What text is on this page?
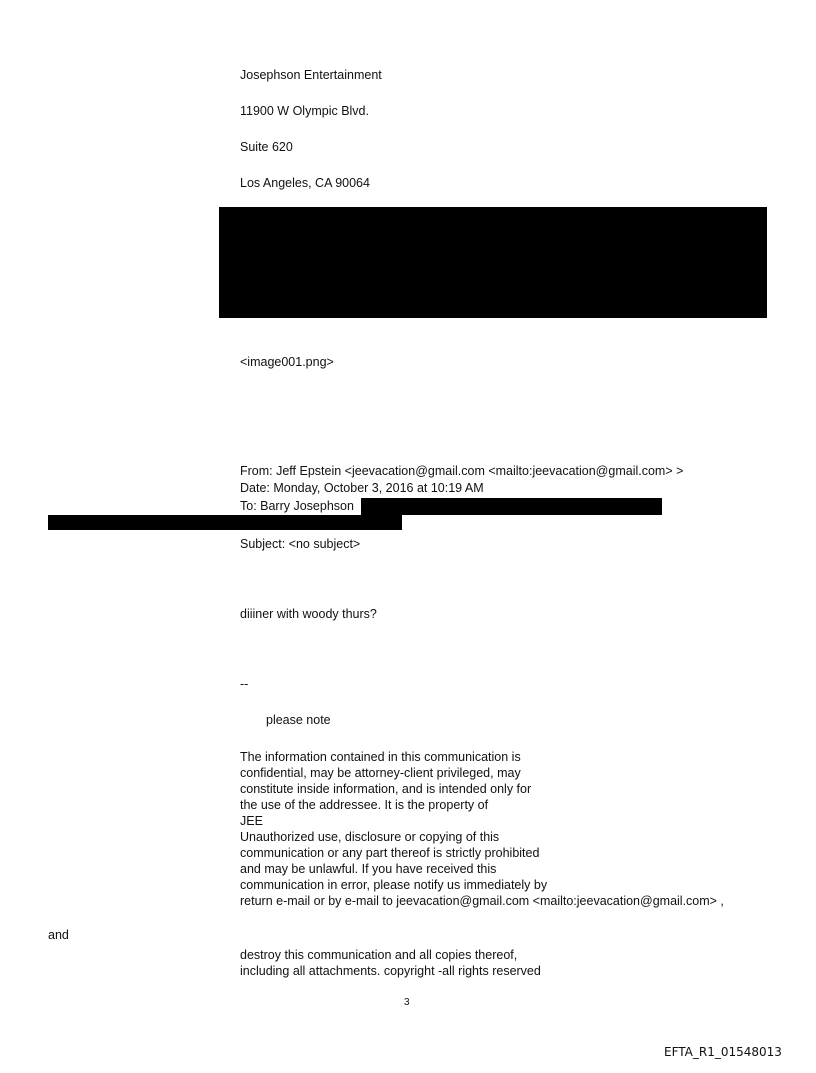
Josephson Entertainment
11900 W Olympic Blvd.
Suite 620
Los Angeles, CA 90064
<image001.png>
From: Jeff Epstein <jeevacation@gmail.com <mailto:jeevacation@gmail.com> >
Date: Monday, October 3, 2016 at 10:19 AM
To: Barry Josephson
Subject: <no subject>
diiiner with woody thurs?
--
please note
The information contained in this communication is
confidential, may be attorney-client privileged, may
constitute inside information, and is intended only for
the use of the addressee. It is the property of
JEE
Unauthorized use, disclosure or copying of this
communication or any part thereof is strictly prohibited
and may be unlawful. If you have received this
communication in error, please notify us immediately by
return e-mail or by e-mail to jeevacation@gmail.com <mailto:jeevacation@gmail.com> ,
and
destroy this communication and all copies thereof,
including all attachments. copyright -all rights reserved
3
EFTA_R1_01548013
